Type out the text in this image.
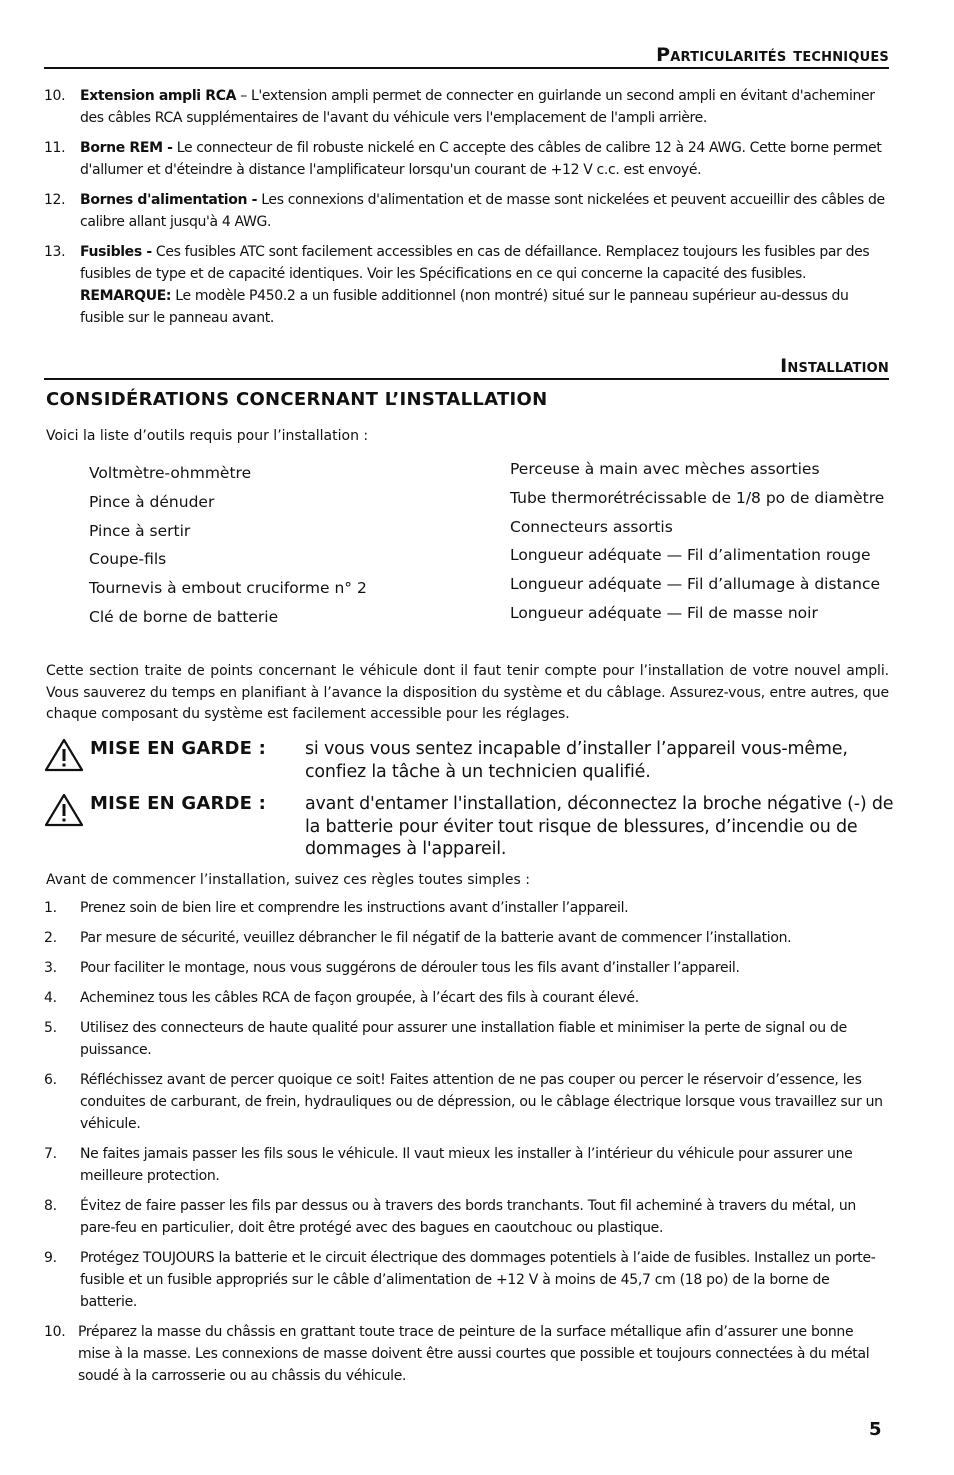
Particularités techniques
10.	Extension ampli RCA – L'extension ampli permet de connecter en guirlande un second ampli en évitant d'acheminer des câbles RCA supplémentaires de l'avant du véhicule vers l'emplacement de l'ampli arrière.
11.	Borne REM - Le connecteur de fil robuste nickelé en C accepte des câbles de calibre 12 à 24 AWG. Cette borne permet d'allumer et d'éteindre à distance l'amplificateur lorsqu'un courant de +12 V c.c. est envoyé.
12.	Bornes d'alimentation - Les connexions d'alimentation et de masse sont nickelées et peuvent accueillir des câbles de calibre allant jusqu'à 4 AWG.
13.	Fusibles - Ces fusibles ATC sont facilement accessibles en cas de défaillance. Remplacez toujours les fusibles par des fusibles de type et de capacité identiques. Voir les Spécifications en ce qui concerne la capacité des fusibles. REMARQUE: Le modèle P450.2 a un fusible additionnel (non montré) situé sur le panneau supérieur au-dessus du fusible sur le panneau avant.
Installation
CONSIDÉRATIONS CONCERNANT L’INSTALLATION
Voici la liste d’outils requis pour l’installation :
Voltmètre-ohmmètre
Pince à dénuder
Pince à sertir
Coupe-fils
Tournevis à embout cruciforme n° 2
Clé de borne de batterie
Perceuse à main avec mèches assorties
Tube thermorétrécissable de 1/8 po de diamètre
Connecteurs assortis
Longueur adéquate — Fil d’alimentation rouge
Longueur adéquate — Fil d’allumage à distance
Longueur adéquate — Fil de masse noir
Cette section traite de points concernant le véhicule dont il faut tenir compte pour l’installation de votre nouvel ampli. Vous sauverez du temps en planifiant à l’avance la disposition du système et du câblage. Assurez-vous, entre autres, que chaque composant du système est facilement accessible pour les réglages.
MISE EN GARDE : si vous vous sentez incapable d’installer l’appareil vous-même, confiez la tâche à un technicien qualifié.
MISE EN GARDE : avant d'entamer l'installation, déconnectez la broche négative (-) de la batterie pour éviter tout risque de blessures, d’incendie ou de dommages à l'appareil.
Avant de commencer l’installation, suivez ces règles toutes simples :
1.	Prenez soin de bien lire et comprendre les instructions avant d’installer l’appareil.
2.	Par mesure de sécurité, veuillez débrancher le fil négatif de la batterie avant de commencer l’installation.
3.	Pour faciliter le montage, nous vous suggérons de dérouler tous les fils avant d’installer l’appareil.
4.	Acheminez tous les câbles RCA de façon groupée, à l’écart des fils à courant élevé.
5.	Utilisez des connecteurs de haute qualité pour assurer une installation fiable et minimiser la perte de signal ou de puissance.
6.	Réfléchissez avant de percer quoique ce soit! Faites attention de ne pas couper ou percer le réservoir d’essence, les conduites de carburant, de frein, hydrauliques ou de dépression, ou le câblage électrique lorsque vous travaillez sur un véhicule.
7.	Ne faites jamais passer les fils sous le véhicule. Il vaut mieux les installer à l’intérieur du véhicule pour assurer une meilleure protection.
8.	Évitez de faire passer les fils par dessus ou à travers des bords tranchants. Tout fil acheminé à travers du métal, un pare-feu en particulier, doit être protégé avec des bagues en caoutchouc ou plastique.
9.	Protégez TOUJOURS la batterie et le circuit électrique des dommages potentiels à l’aide de fusibles. Installez un porte-fusible et un fusible appropriés sur le câble d’alimentation de +12 V à moins de 45,7 cm (18 po) de la borne de batterie.
10. Préparez la masse du châssis en grattant toute trace de peinture de la surface métallique afin d’assurer une bonne mise à la masse. Les connexions de masse doivent être aussi courtes que possible et toujours connectées à du métal soudé à la carrosserie ou au châssis du véhicule.
5
